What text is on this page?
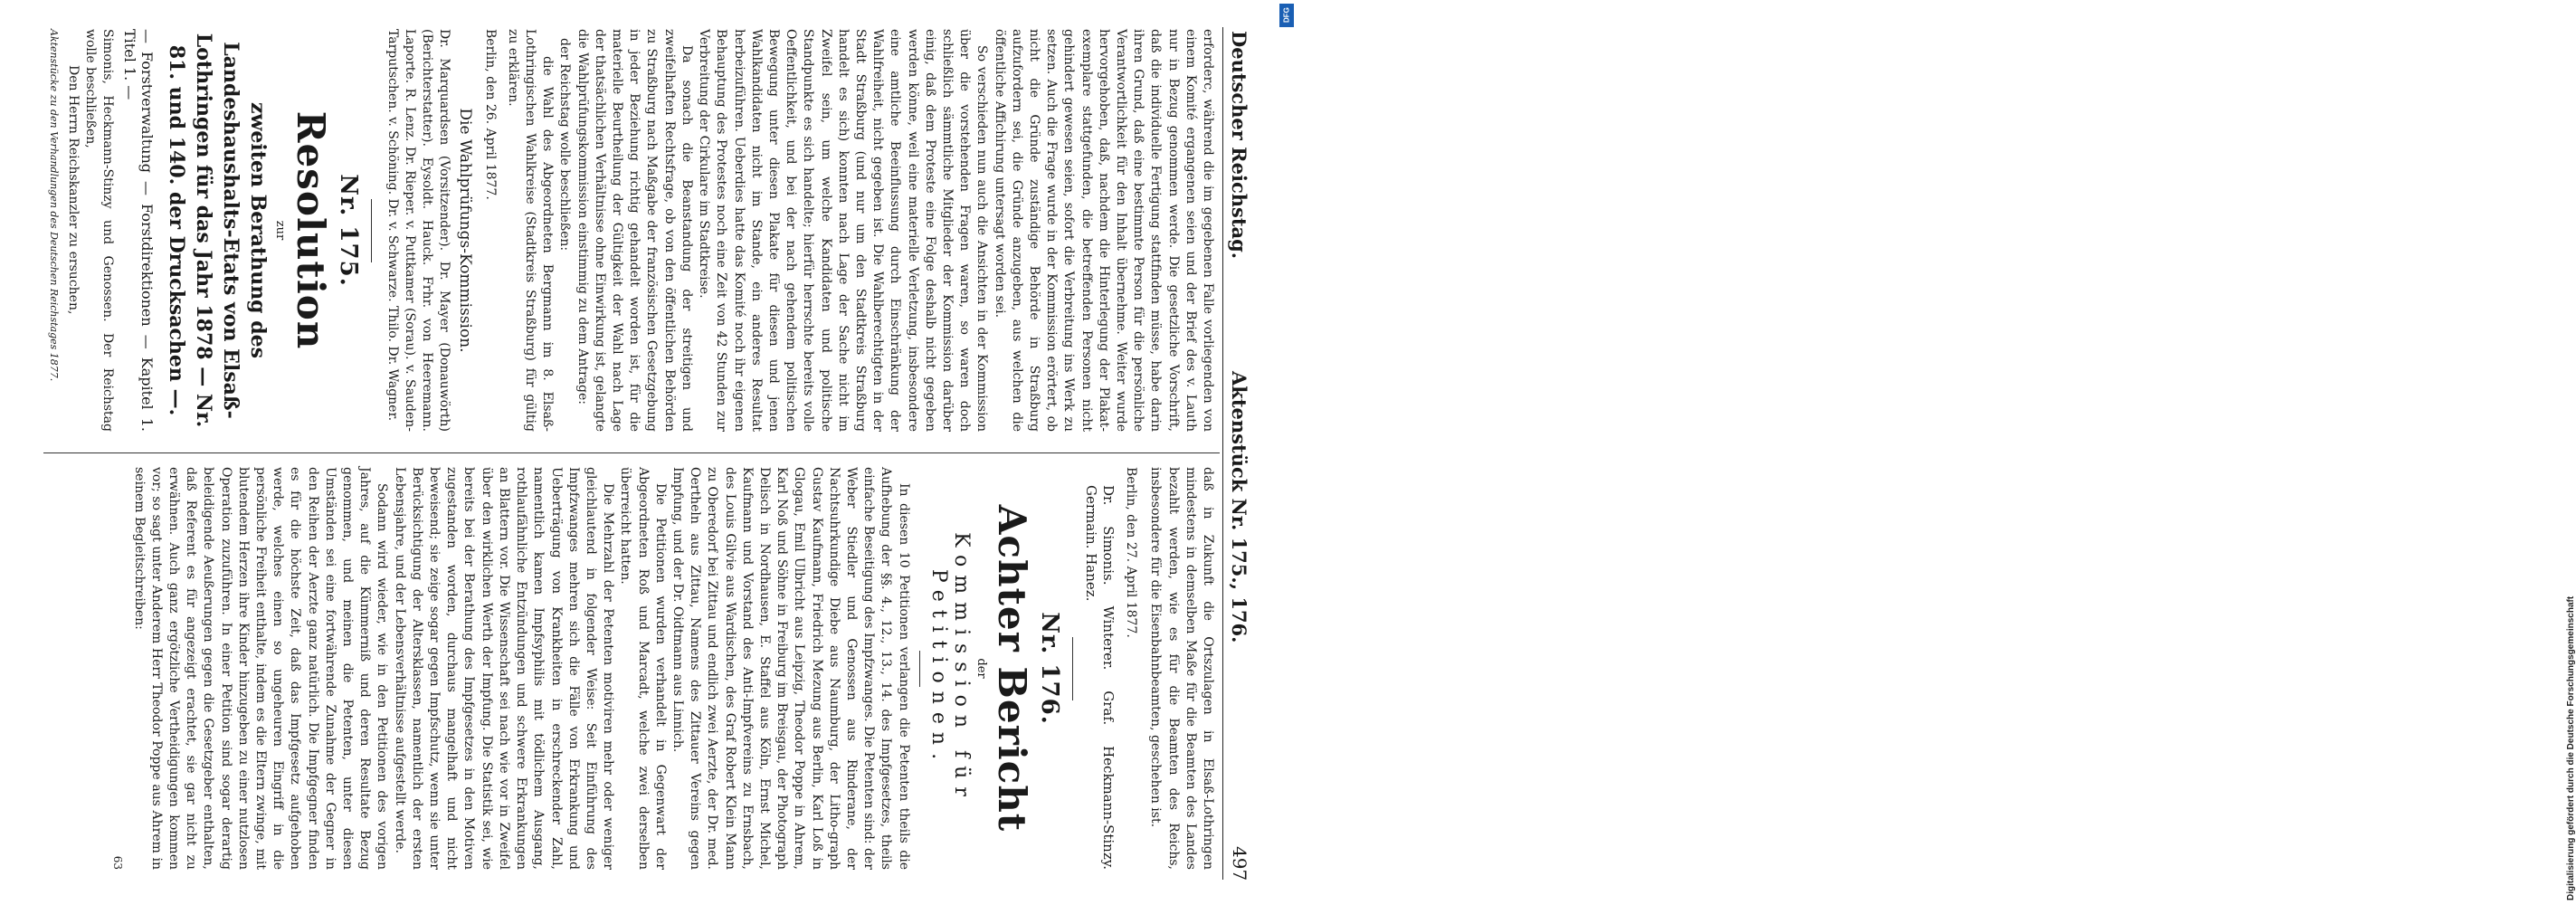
Deutscher Reichstag.
Aktenstück Nr. 175., 176.
497

erforderc, während die im gegebenen Falle vorliegenden von einem Komité ergangenen seien und der Brief des v. Lauth nur in Bezug genommen werde. Die gesetzliche Vorschrift, daß die individuelle Fertigung stattfinden müsse, habe darin ihren Grund, daß eine bestimmte Person für die persönliche Verantwortlichkeit für den Inhalt übernehme. Weiter wurde hervorgehoben, daß, nachdem die Hinterlegung der Plakat-exemplare stattgefunden, die betreffenden Personen nicht gehindert gewesen seien, sofort die Verbreitung ins Werk zu setzen. Auch die Frage wurde in der Kommission erörtert, ob nicht die Gründe zuständige Behörde in Straßburg aufzufordern sei, die Gründe anzugeben, aus welchen die öffentliche Affichirung untersagt worden sei.

So verschieden nun auch die Ansichten in der Kommission über die vorstehenden Fragen waren, so waren doch schließlich sämmtliche Mitglieder der Kommission darüber einig, daß dem Proteste eine Folge deshalb nicht gegeben werden könne, weil eine materielle Verletzung, insbesondere eine amtliche Beeinflussung durch Einschränkung der Wahlfreiheit, nicht gegeben ist. Die Wahlberechtigten in der Stadt Straßburg (und nur um den Stadtkreis Straßburg handelt es sich) konnten nach Lage der Sache nicht im Zweifel sein, um welche Kandidaten und politische Standpunkte es sich handelte; hierfür herrschte bereits volle Oeffentlichkeit, und bei der nach gehendem politischen Bewegung unter diesen Plakate für diesen und jenen Wahlkandidaten nicht im Stande, ein anderes Resultat herbeizuführen. Ueberdies hatte das Komité noch ihr eigenen Behauptung des Protestes noch eine Zeit von 42 Stunden zur Verbreitung der Cirkulare im Stadtkreise.

Da sonach die Beanstandung der streitigen und zweifelhaften Rechtsfrage, ob von den öffentlichen Behörden zu Straßburg nach Maßgabe der französischen Gesetzgebung in jeder Beziehung richtig gehandelt worden ist, für die materielle Beurtheilung der Gültigkeit der Wahl nach Lage der thatsächlichen Verhältnisse ohne Einwirkung ist, gelangte die Wahlprüfungskommission einstimmig zu dem Antrage:

der Reichstag wolle beschließen:

die Wahl des Abgeordneten Bergmann im 8. Elsaß-Lothringischen Wahlkreise (Stadtkreis Straßburg) für gültig zu erklären.

Berlin, den 26. April 1877.

Die Wahlprüfungs-Kommission.

Dr. Marquardsen (Vorsitzender). Dr. Mayer (Donauwörth) (Berichterstatter). Eysoldt. Hauck. Frhr. von Heeremann. Laporte. R. Lenz. Dr. Rieper. v. Puttkamer (Sorau). v. Sauden-Tarputschen. v. Schöning. Dr. v. Schwarze. Thilo. Dr. Wagner.

Nr. 175.
Resolution
zur
zweiten Berathung des Landeshaushalts-Etats von Elsaß-Lothringen für das Jahr 1878 — Nr. 81. und 140. der Drucksachen —.

— Forstverwaltung — Forstdirektionen — Kapitel 1. Titel 1. —

Simonis, Heckmann-Stinzy und Genossen. Der Reichstag wolle beschließen,

Den Herrn Reichskanzler zu ersuchen,

Aktenstücke zu den Verhandlungen des Deutschen Reichstages 1877.

daß in Zukunft die Ortszulagen in Elsaß-Lothringen mindestens in demselben Maße für die Beamten des Landes bezahlt werden, wie es für die Beamten des Reichs, insbesondere für die Eisenbahnbeamten, geschehen ist.

Berlin, den 27. April 1877.

Dr. Simonis. Winterer. Graf. Heckmann-Stinzy. Germain. Hanez.

Nr. 176.
Achter Bericht
der
Kommission für Petitionen.

In diesen 10 Petitionen verlangen die Petenten theils die Aufhebung der §§. 4., 12., 13., 14. des Impfgesetzes, theils einfache Beseitigung des Impfzwanges. Die Petenten sind: der Weber Stiedler und Genossen aus Rinderane, der Nachtsuhrkundige Diebe aus Naumburg, der Litho-graph Gustav Kaufmann, Friedrich Mezung aus Berlin, Karl Loß in Glogau, Emil Ulbricht aus Leipzig, Theodor Poppe in Ahrem, Karl Noß und Söhne in Freiburg im Breisgau, der Photograph Delisch in Nordhausen, E. Staffel aus Köln, Ernst Michel, Kaufmann und Vorstand des Anti-Impfvereins zu Ernsbach, des Louis Gilvie aus Wardischen, des Graf Robert Klein Mann zu Oberedorf bei Zittau und endlich zwei Aerzte, der Dr. med. Oertheln aus Zittau, Namens des Zittauer Vereins gegen Impfung, und der Dr. Oidtmann aus Linnich.

Die Petitionen wurden verhandelt in Gegenwart der Abgeordneten Roß und Marcadt, welche zwei derselben überreicht hatten.

Die Mehrzahl der Petenten motiviren mehr oder weniger gleichlautend in folgender Weise: Seit Einführung des Impfzwanges mehren sich die Fälle von Erkrankung und Ueberträgung von Krankheiten in erschreckender Zahl, namentlich kamen Impfsyphilis mit tödlichem Ausgang, rothlaufähnliche Entzündungen und schwere Erkrankungen an Blattern vor. Die Wissenschaft sei nach wie vor in Zweifel über den wirklichen Werth der Impfung. Die Statistik sei, wie bereits bei der Berathung des Impfgesetzes in den Motiven zugestanden worden, durchaus mangelhaft und nicht beweisend; sie zeige sogar gegen Impfschutz, wenn sie unter Berücksichtigung der Altersklassen, namentlich der ersten Lebensjahre, und der Lebensverhältnisse aufgestellt werde.

Sodann wird wieder, wie in den Petitionen des vorigen Jahres, auf die Kümmerniß und deren Resultate Bezug genommen, und meinen die Petenten, unter diesen Umständen sei eine fortwährende Zunahme der Gegner in den Reihen der Aerzte ganz natürlich. Die Impfgegner finden es für die höchste Zeit, daß das Impfgesetz aufgehoben werde, welches einen so ungeheuren Eingriff in die persönliche Freiheit enthalte, indem es die Eltern zwinge, mit blutendem Herzen ihre Kinder hinzugeben zu einer nutzlosen Operation zuzuführen. In einer Petition sind sogar derartig beleidigende Aeußerungen gegen die Gesetzgeber enthalten, daß Referent es für angezeigt erachtet, sie gar nicht zu erwähnen. Auch ganz ergötzliche Vertheidigungen kommen vor; so sagt unter Anderem Herr Theodor Poppe aus Ahrem in seinem Begleitschreiben:

63	Digitalisierung gefördert durch die Deutsche Forschungsgemeinschaft
DFG
